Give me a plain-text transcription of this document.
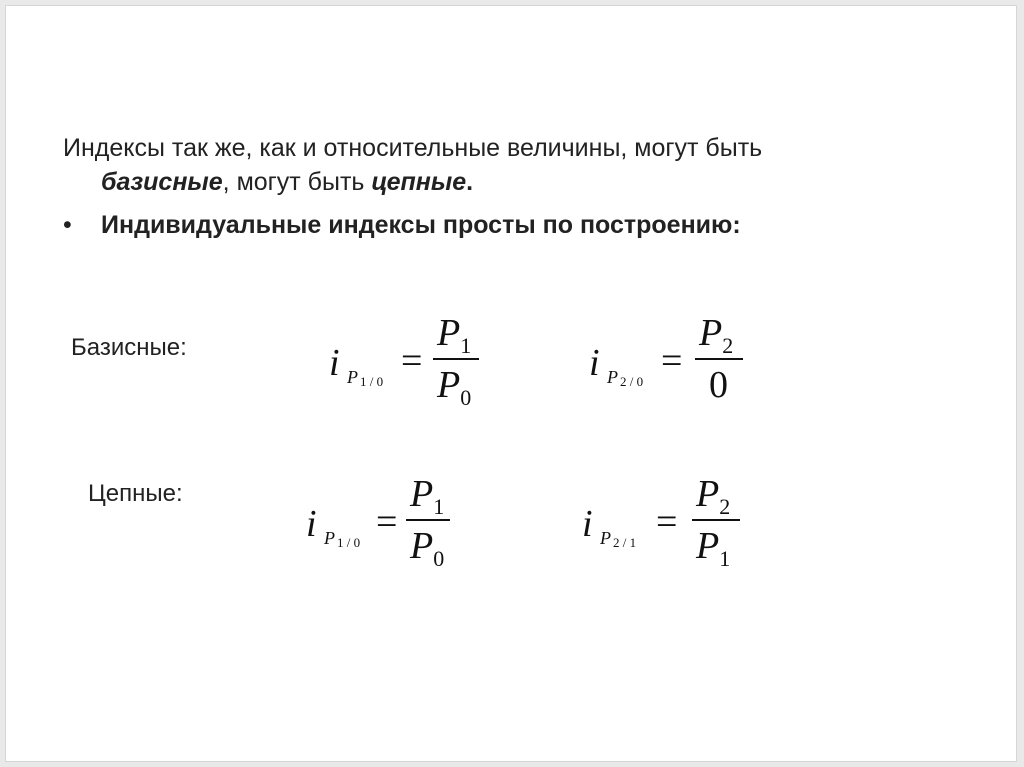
Индексы так же, как и относительные величины, могут быть
базисные, могут быть цепные.
• Индивидуальные индексы просты по построению:
Базисные:
Цепные:
i P 1 / 0 =
$P_1$
$P_0$
i P 2 / 0 =
$P_2$
0
i P 1 / 0 =
$P_1$
$P_0$
i P 2 / 1 =
$P_2$
$P_1$
